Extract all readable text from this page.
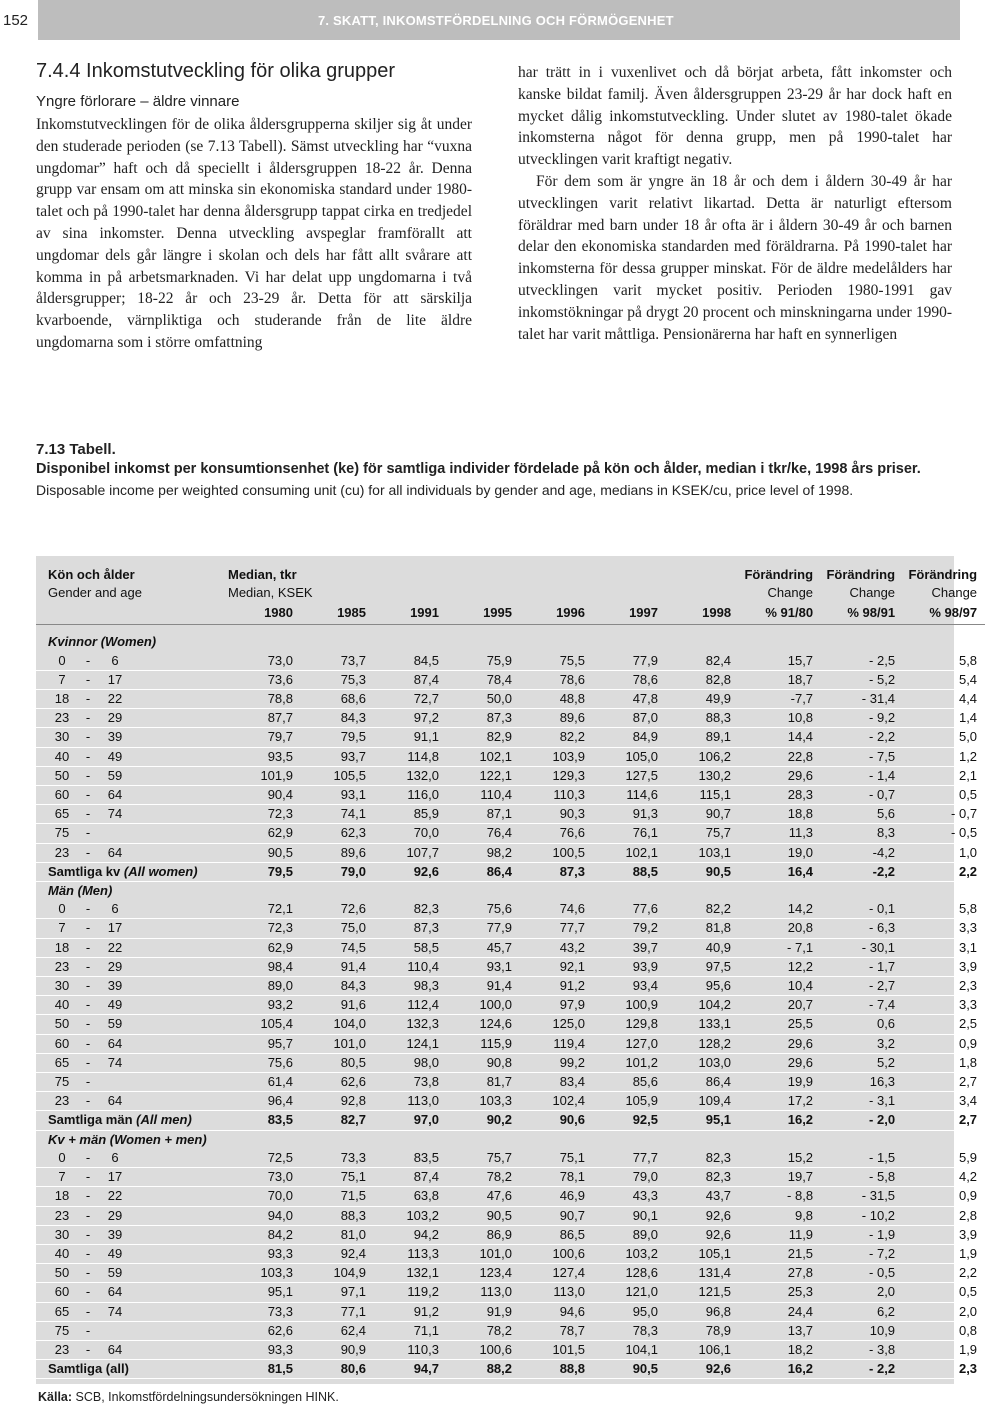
152	7. SKATT, INKOMSTFÖRDELNING OCH FÖRMÖGENHET
7.4.4 Inkomstutveckling för olika grupper
Yngre förlorare – äldre vinnare

Inkomstutvecklingen för de olika åldersgrupperna skiljer sig åt under den studerade perioden (se 7.13 Tabell). Sämst utveckling har “vuxna ungdomar” haft och då speciellt i åldersgruppen 18-22 år. Denna grupp var ensam om att minska sin ekonomiska standard under 1980-talet och på 1990-talet har denna åldersgrupp tappat cirka en tredjedel av sina inkomster. Denna utveckling avspeglar framförallt att ungdomar dels går längre i skolan och dels har fått allt svårare att komma in på arbetsmarknaden. Vi har delat upp ungdomarna i två åldersgrupper; 18-22 år och 23-29 år. Detta för att särskilja kvarboende, värnpliktiga och studerande från de lite äldre ungdomarna som i större omfattning

har trätt in i vuxenlivet och då börjat arbeta, fått inkomster och kanske bildat familj. Även åldersgruppen 23-29 år har dock haft en mycket dålig inkomstutveckling. Under slutet av 1980-talet ökade inkomsterna något för denna grupp, men på 1990-talet har utvecklingen varit kraftigt negativ.

För dem som är yngre än 18 år och dem i åldern 30-49 år har utvecklingen varit relativt likartad. Detta är naturligt eftersom föräldrar med barn under 18 år ofta är i åldern 30-49 år och barnen delar den ekonomiska standarden med föräldrarna. På 1990-talet har inkomsterna för dessa grupper minskat. För de äldre medelålders har utvecklingen varit mycket positiv. Perioden 1980-1991 gav inkomstökningar på drygt 20 procent och minskningarna under 1990-talet har varit måttliga. Pensionärerna har haft en synnerligen

7.13 Tabell.
Disponibel inkomst per konsumtionsenhet (ke) för samtliga individer fördelade på kön och ålder, median i tkr/ke, 1998 års priser.
Disposable income per weighted consuming unit (cu) for all individuals by gender and age, medians in KSEK/cu, price level of 1998.
Kön och ålder	Median, tkr							Förändring	Förändring	Förändring
Gender and age	Median, KSEK							Change	Change	Change
	1980	1985	1991	1995	1996	1997	1998	% 91/80	% 98/91	% 98/97
Kvinnor (Women)										
0 - 6	73,0	73,7	84,5	75,9	75,5	77,9	82,4	15,7	- 2,5	5,8
7 - 17	73,6	75,3	87,4	78,4	78,6	78,6	82,8	18,7	- 5,2	5,4
18 - 22	78,8	68,6	72,7	50,0	48,8	47,8	49,9	-7,7	- 31,4	4,4
23 - 29	87,7	84,3	97,2	87,3	89,6	87,0	88,3	10,8	- 9,2	1,4
30 - 39	79,7	79,5	91,1	82,9	82,2	84,9	89,1	14,4	- 2,2	5,0
40 - 49	93,5	93,7	114,8	102,1	103,9	105,0	106,2	22,8	- 7,5	1,2
50 - 59	101,9	105,5	132,0	122,1	129,3	127,5	130,2	29,6	- 1,4	2,1
60 - 64	90,4	93,1	116,0	110,4	110,3	114,6	115,1	28,3	- 0,7	0,5
65 - 74	72,3	74,1	85,9	87,1	90,3	91,3	90,7	18,8	5,6	- 0,7
75 -	62,9	62,3	70,0	76,4	76,6	76,1	75,7	11,3	8,3	- 0,5
23 - 64	90,5	89,6	107,7	98,2	100,5	102,1	103,1	19,0	-4,2	1,0
Samtliga kv (All women)	79,5	79,0	92,6	86,4	87,3	88,5	90,5	16,4	-2,2	2,2
Män (Men)										
0 - 6	72,1	72,6	82,3	75,6	74,6	77,6	82,2	14,2	- 0,1	5,8
7 - 17	72,3	75,0	87,3	77,9	77,7	79,2	81,8	20,8	- 6,3	3,3
18 - 22	62,9	74,5	58,5	45,7	43,2	39,7	40,9	- 7,1	- 30,1	3,1
23 - 29	98,4	91,4	110,4	93,1	92,1	93,9	97,5	12,2	- 1,7	3,9
30 - 39	89,0	84,3	98,3	91,4	91,2	93,4	95,6	10,4	- 2,7	2,3
40 - 49	93,2	91,6	112,4	100,0	97,9	100,9	104,2	20,7	- 7,4	3,3
50 - 59	105,4	104,0	132,3	124,6	125,0	129,8	133,1	25,5	0,6	2,5
60 - 64	95,7	101,0	124,1	115,9	119,4	127,0	128,2	29,6	3,2	0,9
65 - 74	75,6	80,5	98,0	90,8	99,2	101,2	103,0	29,6	5,2	1,8
75 -	61,4	62,6	73,8	81,7	83,4	85,6	86,4	19,9	16,3	2,7
23 - 64	96,4	92,8	113,0	103,3	102,4	105,9	109,4	17,2	- 3,1	3,4
Samtliga män (All men)	83,5	82,7	97,0	90,2	90,6	92,5	95,1	16,2	- 2,0	2,7
Kv + män (Women + men)										
0 - 6	72,5	73,3	83,5	75,7	75,1	77,7	82,3	15,2	- 1,5	5,9
7 - 17	73,0	75,1	87,4	78,2	78,1	79,0	82,3	19,7	- 5,8	4,2
18 - 22	70,0	71,5	63,8	47,6	46,9	43,3	43,7	- 8,8	- 31,5	0,9
23 - 29	94,0	88,3	103,2	90,5	90,7	90,1	92,6	9,8	- 10,2	2,8
30 - 39	84,2	81,0	94,2	86,9	86,5	89,0	92,6	11,9	- 1,9	3,9
40 - 49	93,3	92,4	113,3	101,0	100,6	103,2	105,1	21,5	- 7,2	1,9
50 - 59	103,3	104,9	132,1	123,4	127,4	128,6	131,4	27,8	- 0,5	2,2
60 - 64	95,1	97,1	119,2	113,0	113,0	121,0	121,5	25,3	2,0	0,5
65 - 74	73,3	77,1	91,2	91,9	94,6	95,0	96,8	24,4	6,2	2,0
75 -	62,6	62,4	71,1	78,2	78,7	78,3	78,9	13,7	10,9	0,8
23 - 64	93,3	90,9	110,3	100,6	101,5	104,1	106,1	18,2	- 3,8	1,9
Samtliga (all)	81,5	80,6	94,7	88,2	88,8	90,5	92,6	16,2	- 2,2	2,3
Källa: SCB, Inkomstfördelningsundersökningen HINK.
